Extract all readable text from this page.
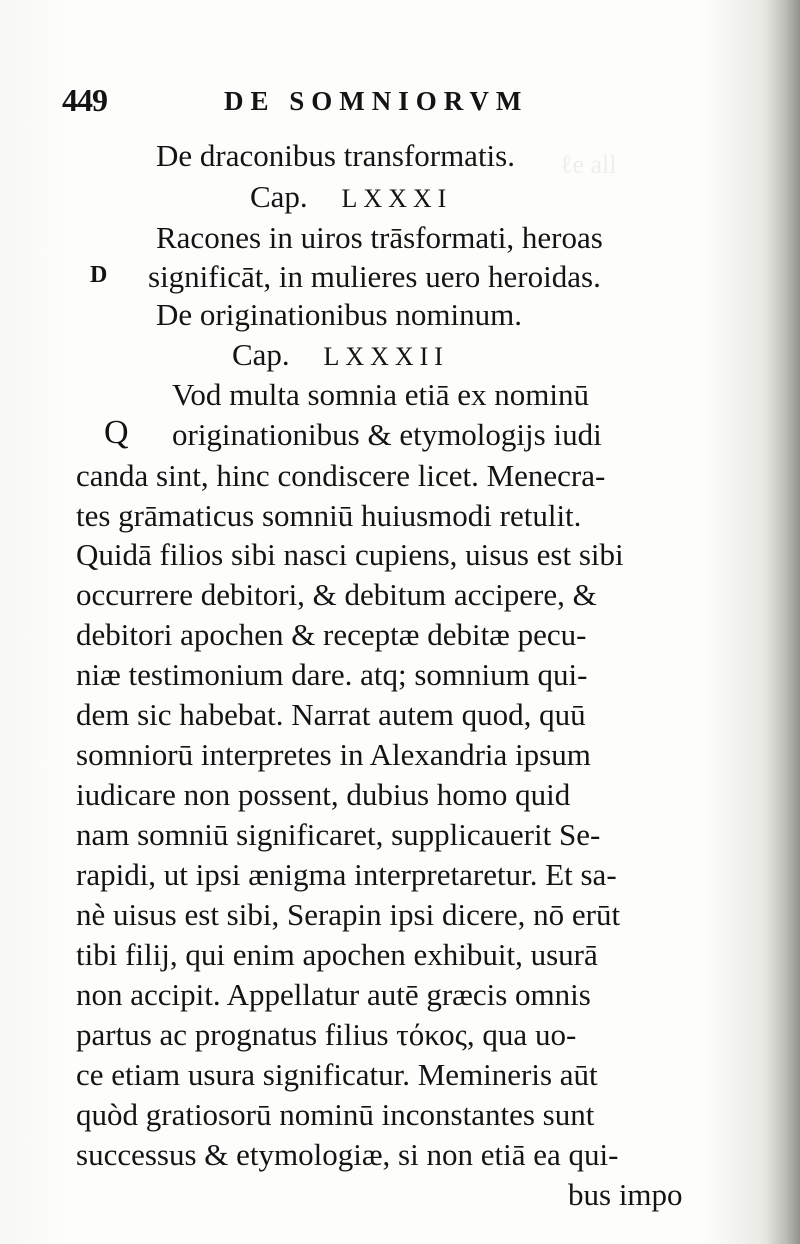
ℓe all
449	DE SOMNIORVM
De draconibus transformatis.
Cap. LXXXI
Racones in uiros trāsformati, heroas
D significāt, in mulieres uero heroidas.
De originationibus nominum.
Cap. LXXXII
Vod multa somnia etiā ex nominū
Q originationibus & etymologijs iudi
canda sint, hinc condiscere licet. Menecra-
tes grāmaticus somniū huiusmodi retulit.
Quidā filios sibi nasci cupiens, uisus est sibi
occurrere debitori, & debitum accipere, &
debitori apochen & receptæ debitæ pecu-
niæ testimonium dare. atq; somnium qui-
dem sic habebat. Narrat autem quod, quū
somniorū interpretes in Alexandria ipsum
iudicare non possent, dubius homo quid
nam somniū significaret, supplicauerit Se-
rapidi, ut ipsi ænigma interpretaretur. Et sa-
nè uisus est sibi, Serapin ipsi dicere, nō erūt
tibi filij, qui enim apochen exhibuit, usurā
non accipit. Appellatur autē græcis omnis
partus ac prognatus filius τόκος, qua uo-
ce etiam usura significatur. Memineris aūt
quòd gratiosorū nominū inconstantes sunt
successus & etymologiæ, si non etiā ea qui-
bus impo
